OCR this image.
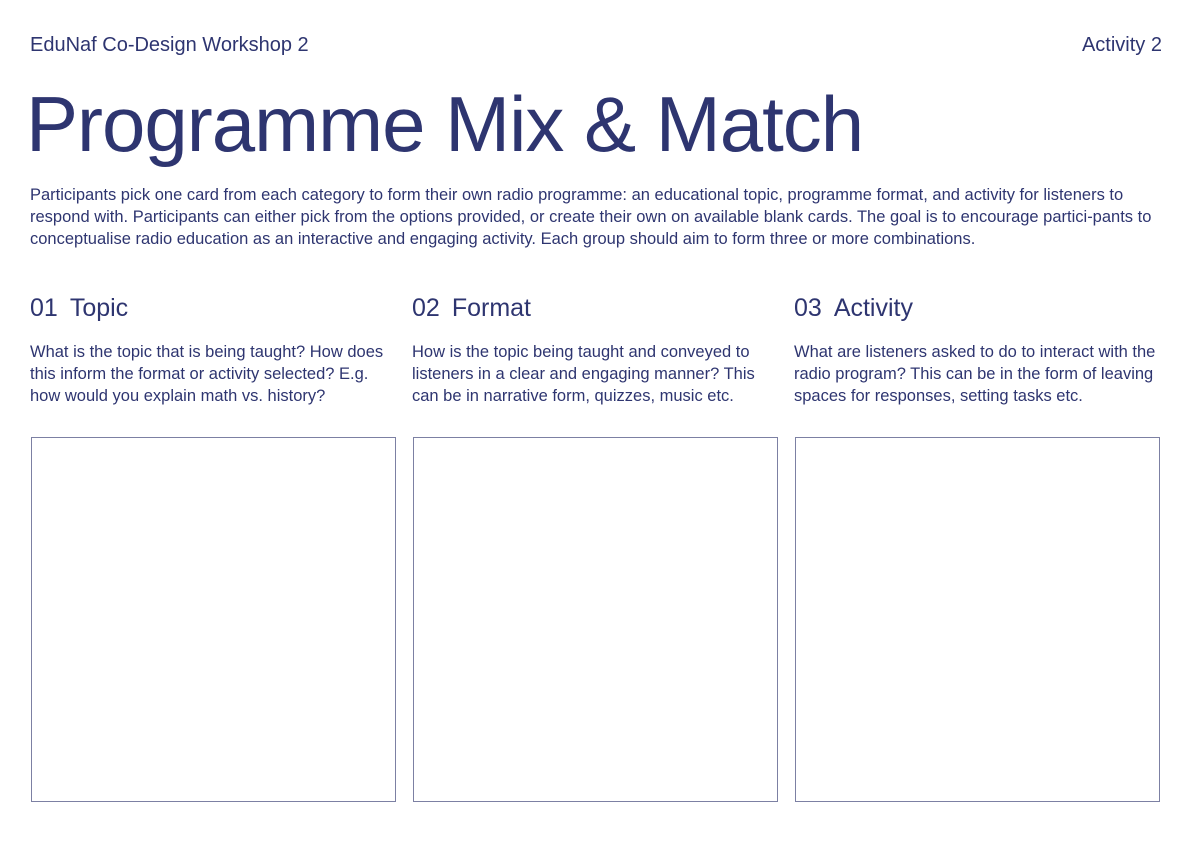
EduNaf Co-Design Workshop 2	Activity 2
Programme Mix & Match

Participants pick one card from each category to form their own radio programme: an educational topic, programme format, and activity for listeners to respond with. Participants can either pick from the options provided, or create their own on available blank cards. The goal is to encourage partici-pants to conceptualise radio education as an interactive and engaging activity. Each group should aim to form three or more combinations.

01 Topic

What is the topic that is being taught? How does this inform the format or activity selected? E.g. how would you explain math vs. history?

02 Format

How is the topic being taught and conveyed to listeners in a clear and engaging manner? This can be in narrative form, quizzes, music etc.

03 Activity

What are listeners asked to do to interact with the radio program? This can be in the form of leaving spaces for responses, setting tasks etc.
